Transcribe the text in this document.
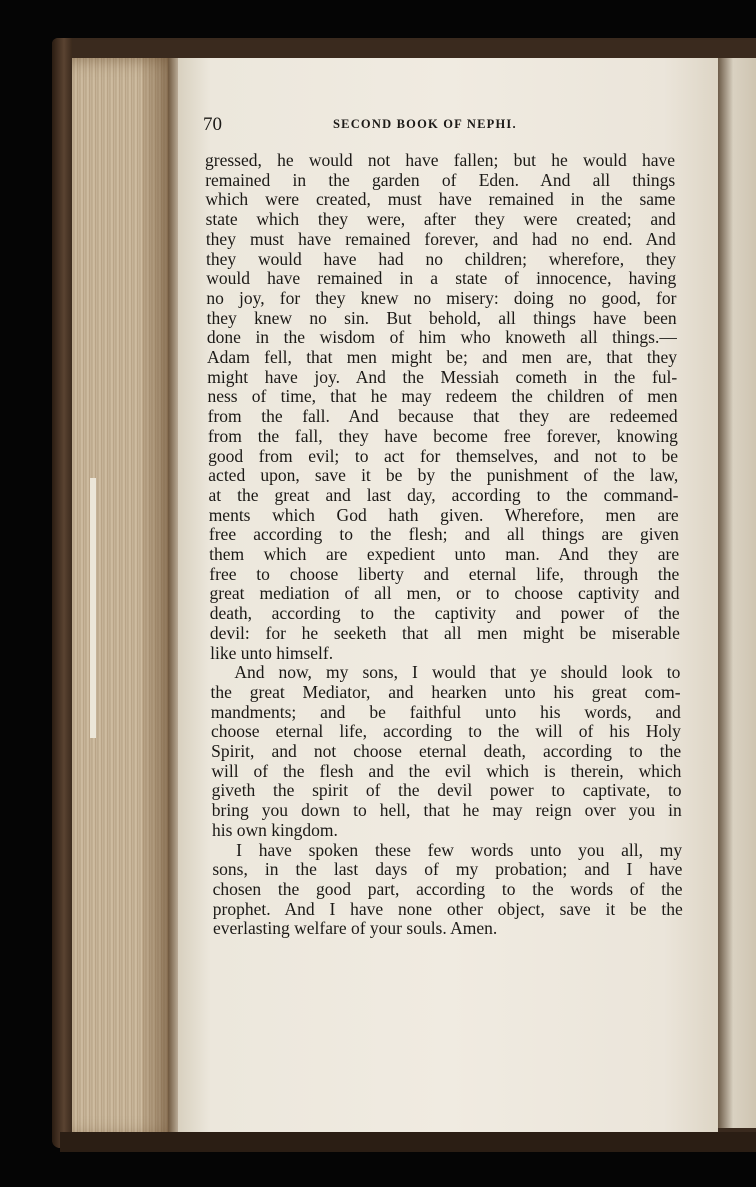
70	SECOND BOOK OF NEPHI.
gressed, he would not have fallen; but he would have
remained in the garden of Eden. And all things
which were created, must have remained in the same
state which they were, after they were created; and
they must have remained forever, and had no end. And
they would have had no children; wherefore, they
would have remained in a state of innocence, having
no joy, for they knew no misery: doing no good, for
they knew no sin. But behold, all things have been
done in the wisdom of him who knoweth all things.—
Adam fell, that men might be; and men are, that they
might have joy. And the Messiah cometh in the ful-
ness of time, that he may redeem the children of men
from the fall. And because that they are redeemed
from the fall, they have become free forever, knowing
good from evil; to act for themselves, and not to be
acted upon, save it be by the punishment of the law,
at the great and last day, according to the command-
ments which God hath given. Wherefore, men are
free according to the flesh; and all things are given
them which are expedient unto man. And they are
free to choose liberty and eternal life, through the
great mediation of all men, or to choose captivity and
death, according to the captivity and power of the
devil: for he seeketh that all men might be miserable
like unto himself.
And now, my sons, I would that ye should look to
the great Mediator, and hearken unto his great com-
mandments; and be faithful unto his words, and
choose eternal life, according to the will of his Holy
Spirit, and not choose eternal death, according to the
will of the flesh and the evil which is therein, which
giveth the spirit of the devil power to captivate, to
bring you down to hell, that he may reign over you in
his own kingdom.
I have spoken these few words unto you all, my
sons, in the last days of my probation; and I have
chosen the good part, according to the words of the
prophet. And I have none other object, save it be the
everlasting welfare of your souls. Amen.
